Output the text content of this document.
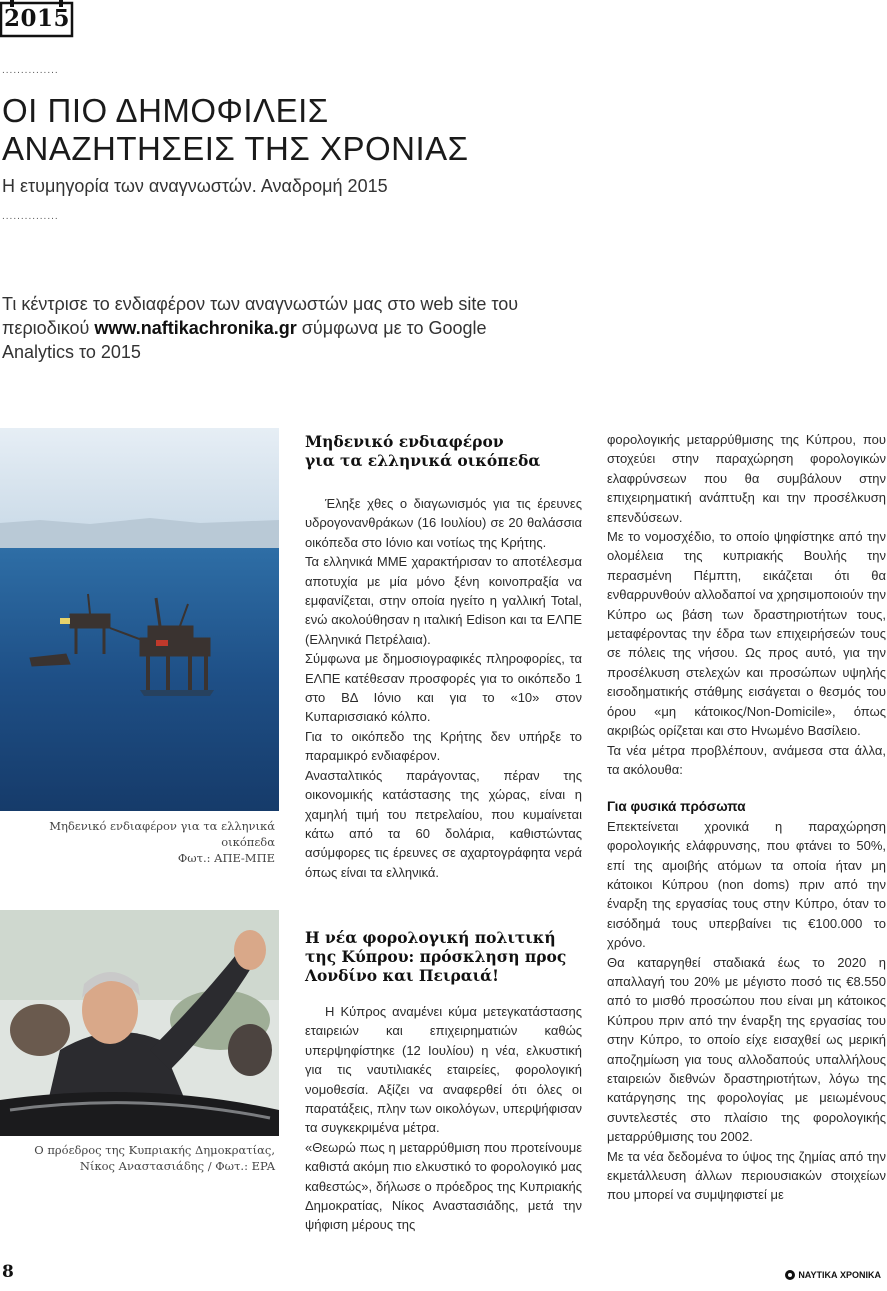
2015
...............
ΟΙ ΠΙΟ ΔΗΜΟΦΙΛΕΙΣ
ΑΝΑΖΗΤΗΣΕΙΣ ΤΗΣ ΧΡΟΝΙΑΣ
Η ετυμηγορία των αναγνωστών. Αναδρομή 2015
...............
Τι κέντρισε το ενδιαφέρον των αναγνωστών μας στο web site του περιοδικού www.naftikachronika.gr σύμφωνα με το Google Analytics το 2015
Μηδενικό ενδιαφέρον για τα ελληνικά οικόπεδα
Φωτ.: ΑΠΕ-ΜΠΕ
Ο πρόεδρος της Κυπριακής Δημοκρατίας,
Νίκος Αναστασιάδης / Φωτ.: EPA
Μηδενικό ενδιαφέρον
για τα ελληνικά οικόπεδα

Έληξε χθες ο διαγωνισμός για τις έρευνες υδρογονανθράκων (16 Ιουλίου) σε 20 θαλάσσια οικόπεδα στο Ιόνιο και νοτίως της Κρήτης.

Τα ελληνικά ΜΜΕ χαρακτήρισαν το αποτέλεσμα αποτυχία με μία μόνο ξένη κοινοπραξία να εμφανίζεται, στην οποία ηγείτο η γαλλική Total, ενώ ακολούθησαν η ιταλική Edison και τα ΕΛΠΕ (Ελληνικά Πετρέλαια).

Σύμφωνα με δημοσιογραφικές πληροφορίες, τα ΕΛΠΕ κατέθεσαν προσφορές για το οικόπεδο 1 στο ΒΔ Ιόνιο και για το «10» στον Κυπαρισσιακό κόλπο.

Για το οικόπεδο της Κρήτης δεν υπήρξε το παραμικρό ενδιαφέρον.

Ανασταλτικός παράγοντας, πέραν της οικονομικής κατάστασης της χώρας, είναι η χαμηλή τιμή του πετρελαίου, που κυμαίνεται κάτω από τα 60 δολάρια, καθιστώντας ασύμφορες τις έρευνες σε αχαρτογράφητα νερά όπως είναι τα ελληνικά.

Η νέα φορολογική πολιτική
της Κύπρου: πρόσκληση προς
Λονδίνο και Πειραιά!

Η Κύπρος αναμένει κύμα μετεγκατάστασης εταιρειών και επιχειρηματιών καθώς υπερψηφίστηκε (12 Ιουλίου) η νέα, ελκυστική για τις ναυτιλιακές εταιρείες, φορολογική νομοθεσία. Αξίζει να αναφερθεί ότι όλες οι παρατάξεις, πλην των οικολόγων, υπερψήφισαν τα συγκεκριμένα μέτρα.

«Θεωρώ πως η μεταρρύθμιση που προτείνουμε καθιστά ακόμη πιο ελκυστικό το φορολογικό μας καθεστώς», δήλωσε ο πρόεδρος της Κυπριακής Δημοκρατίας, Νίκος Αναστασιάδης, μετά την ψήφιση μέρους της

φορολογικής μεταρρύθμισης της Κύπρου, που στοχεύει στην παραχώρηση φορολογικών ελαφρύνσεων που θα συμβάλουν στην επιχειρηματική ανάπτυξη και την προσέλκυση επενδύσεων.

Με το νομοσχέδιο, το οποίο ψηφίστηκε από την ολομέλεια της κυπριακής Βουλής την περασμένη Πέμπτη, εικάζεται ότι θα ενθαρρυνθούν αλλοδαποί να χρησιμοποιούν την Κύπρο ως βάση των δραστηριοτήτων τους, μεταφέροντας την έδρα των επιχειρήσεών τους σε πόλεις της νήσου. Ως προς αυτό, για την προσέλκυση στελεχών και προσώπων υψηλής εισοδηματικής στάθμης εισάγεται ο θεσμός του όρου «μη κάτοικος/Non-Domicile», όπως ακριβώς ορίζεται και στο Ηνωμένο Βασίλειο.

Τα νέα μέτρα προβλέπουν, ανάμεσα στα άλλα, τα ακόλουθα:

Για φυσικά πρόσωπα

Επεκτείνεται χρονικά η παραχώρηση φορολογικής ελάφρυνσης, που φτάνει το 50%, επί της αμοιβής ατόμων τα οποία ήταν μη κάτοικοι Κύπρου (non doms) πριν από την έναρξη της εργασίας τους στην Κύπρο, όταν το εισόδημά τους υπερβαίνει τις €100.000 το χρόνο.

Θα καταργηθεί σταδιακά έως το 2020 η απαλλαγή του 20% με μέγιστο ποσό τις €8.550 από το μισθό προσώπου που είναι μη κάτοικος Κύπρου πριν από την έναρξη της εργασίας του στην Κύπρο, το οποίο είχε εισαχθεί ως μερική αποζημίωση για τους αλλοδαπούς υπαλλήλους εταιρειών διεθνών δραστηριοτήτων, λόγω της κατάργησης της φορολογίας με μειωμένους συντελεστές στο πλαίσιο της φορολογικής μεταρρύθμισης του 2002.

Με τα νέα δεδομένα το ύψος της ζημίας από την εκμετάλλευση άλλων περιουσιακών στοιχείων που μπορεί να συμψηφιστεί με

8	ΝΑΥΤΙΚΑ ΧΡΟΝΙΚΑ
